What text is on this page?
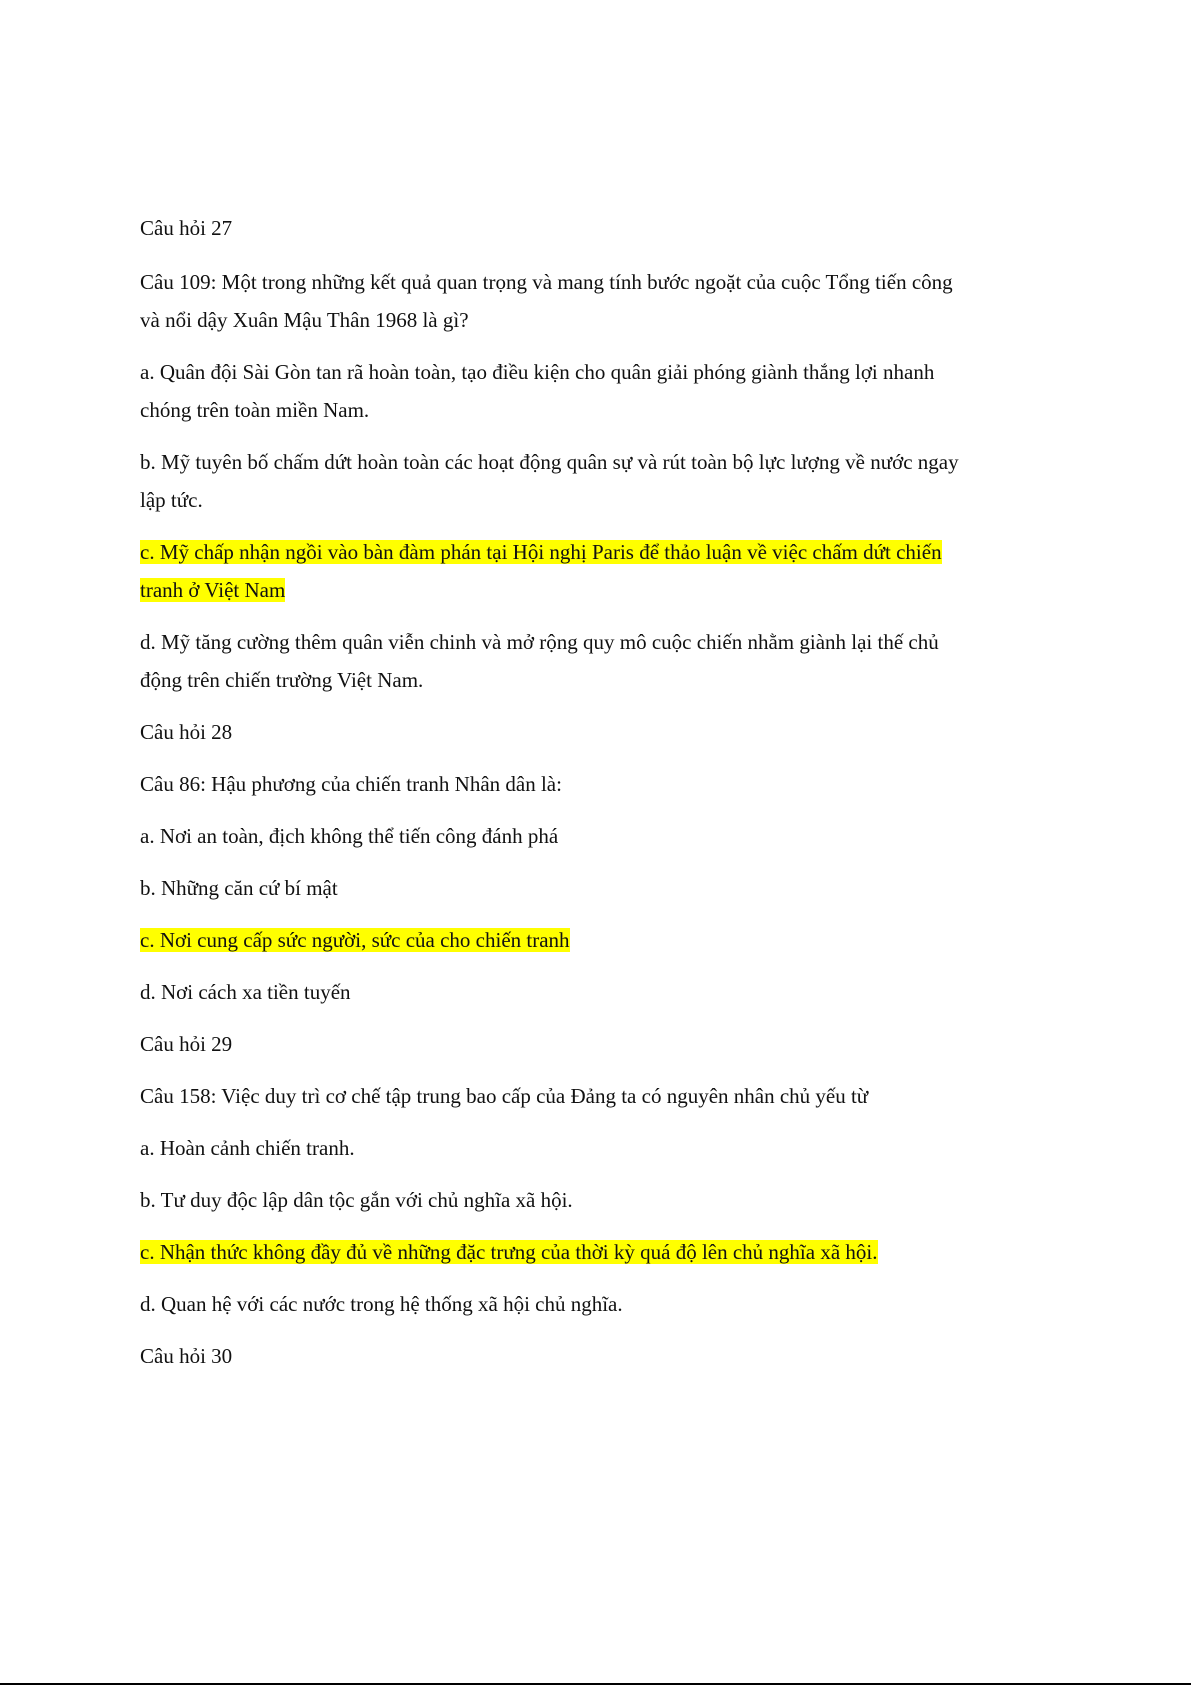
Câu hỏi 27
Câu 109: Một trong những kết quả quan trọng và mang tính bước ngoặt của cuộc Tổng tiến công
và nổi dậy Xuân Mậu Thân 1968 là gì?
a. Quân đội Sài Gòn tan rã hoàn toàn, tạo điều kiện cho quân giải phóng giành thắng lợi nhanh
chóng trên toàn miền Nam.
b. Mỹ tuyên bố chấm dứt hoàn toàn các hoạt động quân sự và rút toàn bộ lực lượng về nước ngay
lập tức.
c. Mỹ chấp nhận ngồi vào bàn đàm phán tại Hội nghị Paris để thảo luận về việc chấm dứt chiến
tranh ở Việt Nam
d. Mỹ tăng cường thêm quân viễn chinh và mở rộng quy mô cuộc chiến nhằm giành lại thế chủ
động trên chiến trường Việt Nam.
Câu hỏi 28
Câu 86: Hậu phương của chiến tranh Nhân dân là:
a. Nơi an toàn, địch không thể tiến công đánh phá
b. Những căn cứ bí mật
c. Nơi cung cấp sức người, sức của cho chiến tranh
d. Nơi cách xa tiền tuyến
Câu hỏi 29
Câu 158: Việc duy trì cơ chế tập trung bao cấp của Đảng ta có nguyên nhân chủ yếu từ
a. Hoàn cảnh chiến tranh.
b. Tư duy độc lập dân tộc gắn với chủ nghĩa xã hội.
c. Nhận thức không đầy đủ về những đặc trưng của thời kỳ quá độ lên chủ nghĩa xã hội.
d. Quan hệ với các nước trong hệ thống xã hội chủ nghĩa.
Câu hỏi 30
